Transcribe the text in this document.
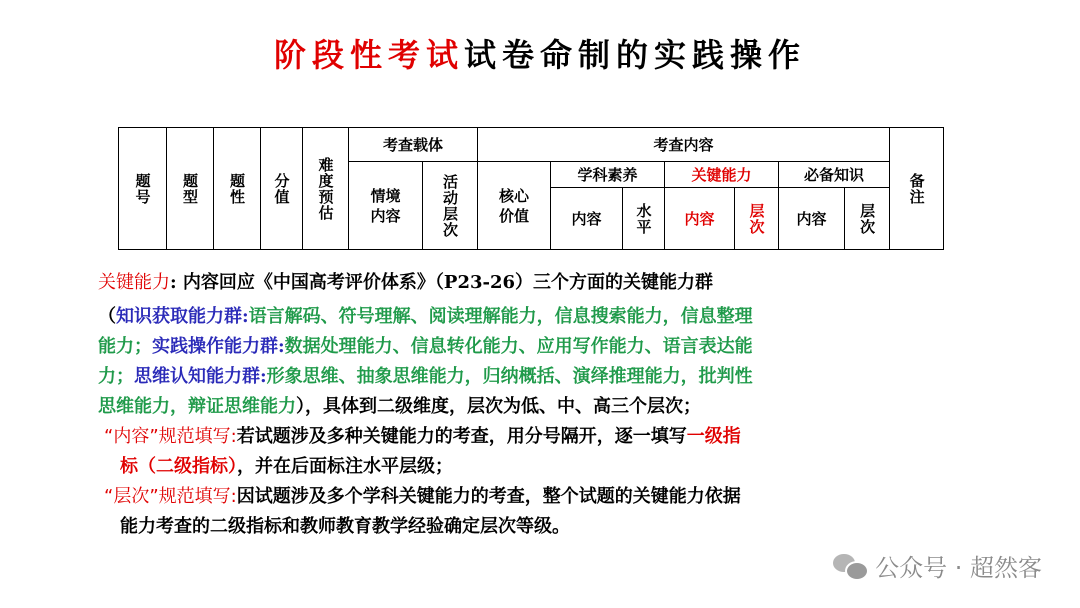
阶段性考试试卷命制的实践操作
题号	题型	题性	分值	难度预估	考查载体		考查内容							备注

					情境内容	活动层次	核心价值	学科素养		关键能力		必备知识		
								内容	水平	内容	层次	内容	层次	
关键能力: 内容回应《中国高考评价体系》（P23-26）三个方面的关键能力群
（知识获取能力群:语言解码、符号理解、阅读理解能力，信息搜索能力，信息整理
能力；实践操作能力群:数据处理能力、信息转化能力、应用写作能力、语言表达能
力；思维认知能力群:形象思维、抽象思维能力，归纳概括、演绎推理能力，批判性
思维能力，辩证思维能力），具体到二级维度，层次为低、中、高三个层次；
“内容”规范填写:若试题涉及多种关键能力的考查，用分号隔开，逐一填写一级指
标（二级指标），并在后面标注水平层级；
“层次”规范填写:因试题涉及多个学科关键能力的考查，整个试题的关键能力依据
能力考查的二级指标和教师教育教学经验确定层次等级。
公众号 · 超然客
